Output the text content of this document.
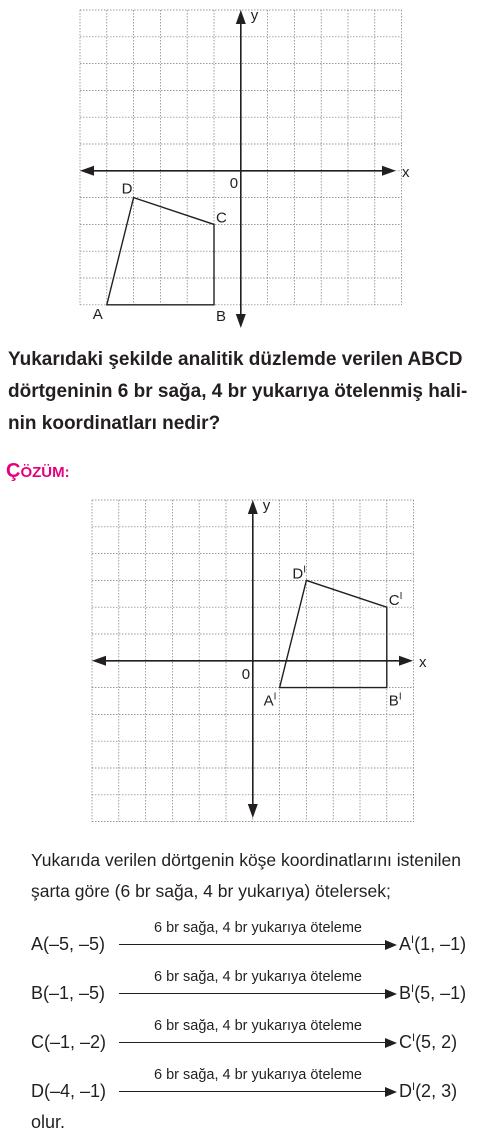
x
y
0
A	B
C
D

Yukarıdaki şekilde analitik düzlemde verilen ABCD dörtgeninin 6 br sağa, 4 br yukarıya ötelenmiş halinin koordinatları nedir?

ÇÖZÜM:

x
y
0
$A^I$	$B^I$
$C^I$
$D^I$

Yukarıda verilen dörtgenin köşe koordinatlarını istenilen şarta göre (6 br sağa, 4 br yukarıya) ötelersek;

A(–5, –5)
6 br sağa, 4 br yukarıya öteleme
$A^I(1$, –1)
B(–1, –5)
6 br sağa, 4 br yukarıya öteleme
$B^I(5$, –1)
C(–1, –2)
6 br sağa, 4 br yukarıya öteleme
$C^I(5$, 2)
D(–4, –1)
6 br sağa, 4 br yukarıya öteleme
$D^I(2$, 3)

olur.
